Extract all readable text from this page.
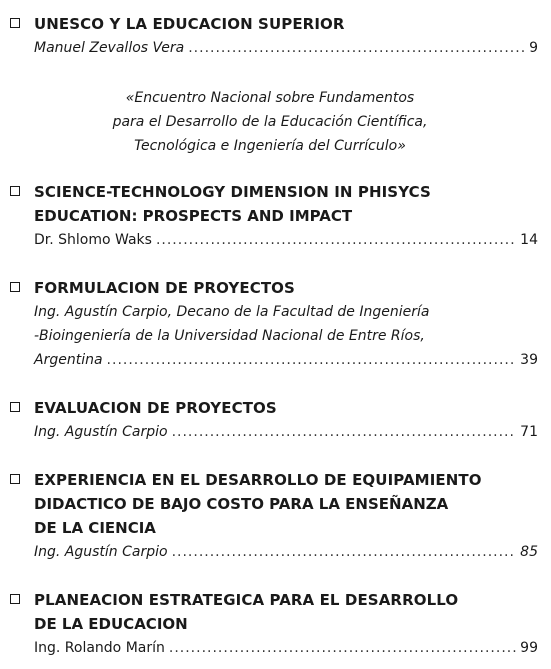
UNESCO Y LA EDUCACION SUPERIOR
Manuel Zevallos Vera .....	9
«Encuentro Nacional sobre Fundamentos
para el Desarrollo de la Educación Científica,
Tecnológica e Ingeniería del Currículo»
SCIENCE-TECHNOLOGY DIMENSION IN PHISYCS
EDUCATION: PROSPECTS AND IMPACT
Dr. Shlomo Waks .....	14
FORMULACION DE PROYECTOS
Ing. Agustín Carpio, Decano de la Facultad de Ingeniería
-Bioingeniería de la Universidad Nacional de Entre Ríos,
Argentina .....	39
EVALUACION DE PROYECTOS
Ing. Agustín Carpio .....	71
EXPERIENCIA EN EL DESARROLLO DE EQUIPAMIENTO
DIDACTICO DE BAJO COSTO PARA LA ENSEÑANZA
DE LA CIENCIA
Ing. Agustín Carpio .....	85
PLANEACION ESTRATEGICA PARA EL DESARROLLO
DE LA EDUCACION
Ing. Rolando Marín .....	99
